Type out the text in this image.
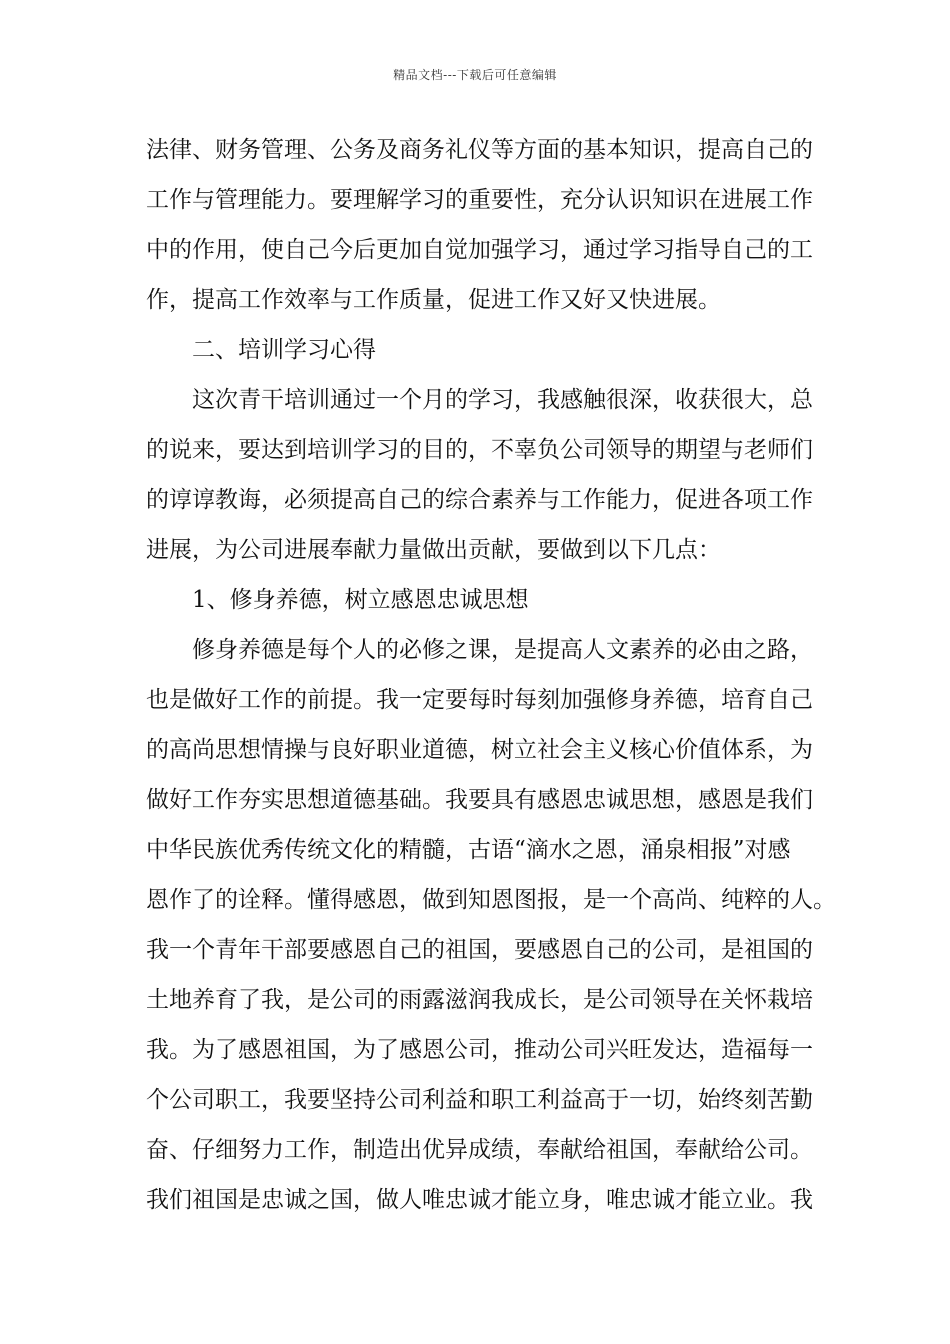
精品文档---下载后可任意编辑
法律、财务管理、公务及商务礼仪等方面的基本知识，提高自己的
工作与管理能力。要理解学习的重要性，充分认识知识在进展工作
中的作用，使自己今后更加自觉加强学习，通过学习指导自己的工
作，提高工作效率与工作质量，促进工作又好又快进展。
二、培训学习心得
这次青干培训通过一个月的学习，我感触很深，收获很大，总
的说来，要达到培训学习的目的，不辜负公司领导的期望与老师们
的谆谆教诲，必须提高自己的综合素养与工作能力，促进各项工作
进展，为公司进展奉献力量做出贡献，要做到以下几点：
1、修身养德，树立感恩忠诚思想
修身养德是每个人的必修之课，是提高人文素养的必由之路，
也是做好工作的前提。我一定要每时每刻加强修身养德，培育自己
的高尚思想情操与良好职业道德，树立社会主义核心价值体系，为
做好工作夯实思想道德基础。我要具有感恩忠诚思想，感恩是我们
中华民族优秀传统文化的精髓，古语“滴水之恩，涌泉相报”对感
恩作了的诠释。懂得感恩，做到知恩图报，是一个高尚、纯粹的人。
我一个青年干部要感恩自己的祖国，要感恩自己的公司，是祖国的
土地养育了我，是公司的雨露滋润我成长，是公司领导在关怀栽培
我。为了感恩祖国，为了感恩公司，推动公司兴旺发达，造福每一
个公司职工，我要坚持公司利益和职工利益高于一切，始终刻苦勤
奋、仔细努力工作，制造出优异成绩，奉献给祖国，奉献给公司。
我们祖国是忠诚之国，做人唯忠诚才能立身，唯忠诚才能立业。我
